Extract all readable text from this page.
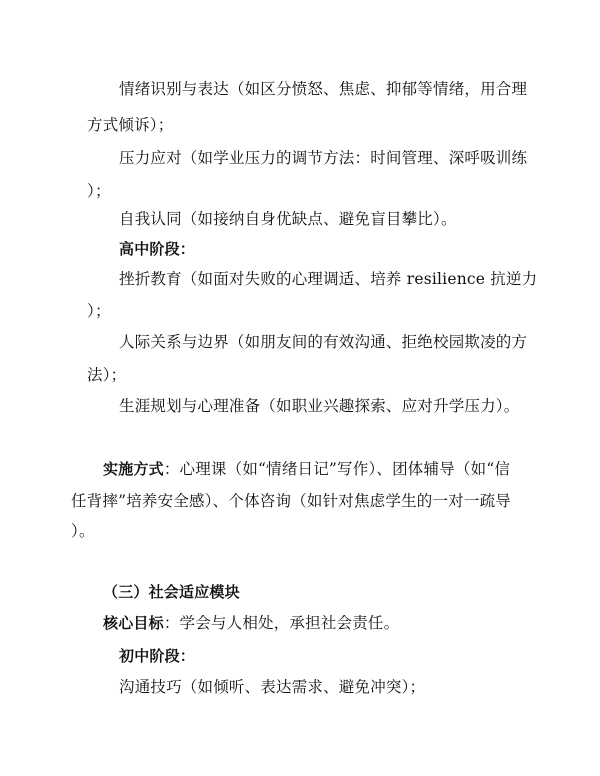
情绪识别与表达（如区分愤怒、焦虑、抑郁等情绪，用合理
方式倾诉）；
压力应对（如学业压力的调节方法：时间管理、深呼吸训练
）；
自我认同（如接纳自身优缺点、避免盲目攀比）。
高中阶段：
挫折教育（如面对失败的心理调适、培养 resilience 抗逆力
）；
人际关系与边界（如朋友间的有效沟通、拒绝校园欺凌的方
法）；
生涯规划与心理准备（如职业兴趣探索、应对升学压力）。
实施方式：心理课（如“情绪日记”写作）、团体辅导（如“信
任背摔”培养安全感）、个体咨询（如针对焦虑学生的一对一疏导
）。
（三）社会适应模块
核心目标：学会与人相处，承担社会责任。
初中阶段：
沟通技巧（如倾听、表达需求、避免冲突）；
